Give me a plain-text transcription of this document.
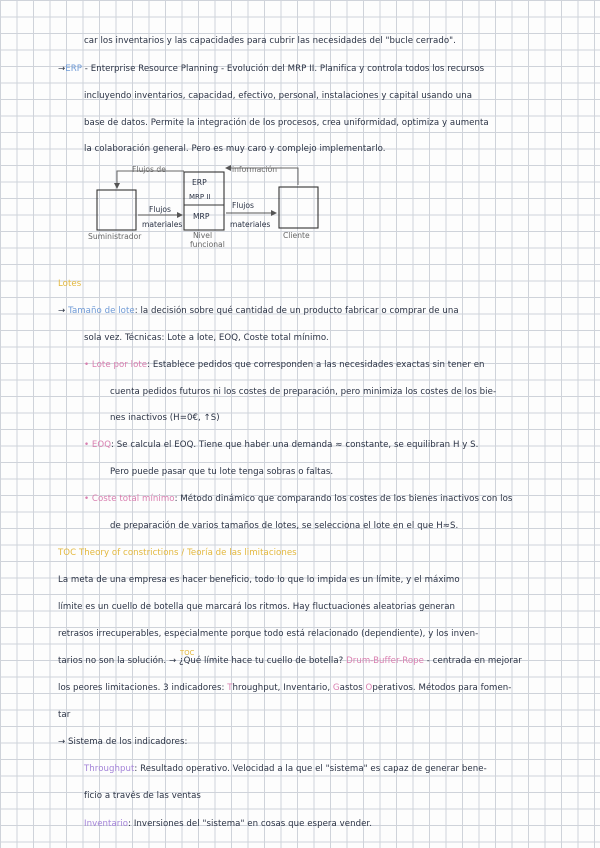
car los inventarios y las capacidades para cubrir las necesidades del "bucle cerrado".
→ERP - Enterprise Resource Planning - Evolución del MRP II. Planifica y controla todos los recursos
incluyendo inventarios, capacidad, efectivo, personal, instalaciones y capital usando una
base de datos. Permite la integración de los procesos, crea uniformidad, optimiza y aumenta
la colaboración general. Pero es muy caro y complejo implementarlo.
Flujos de	información
ERP
MRP II
MRP
Flujos
materiales
Flujos
materiales
Suministrador	Cliente
Nivel
funcional
Lotes
→ Tamaño de lote: la decisión sobre qué cantidad de un producto fabricar o comprar de una
sola vez. Técnicas: Lote a lote, EOQ, Coste total mínimo.
• Lote por lote: Establece pedidos que corresponden a las necesidades exactas sin tener en
cuenta pedidos futuros ni los costes de preparación, pero minimiza los costes de los bie-
nes inactivos (H=0€, ↑S)
• EOQ: Se calcula el EOQ. Tiene que haber una demanda ≈ constante, se equilibran H y S.
Pero puede pasar que tu lote tenga sobras o faltas.
• Coste total mínimo: Método dinámico que comparando los costes de los bienes inactivos con los
de preparación de varios tamaños de lotes, se selecciona el lote en el que H≈S.
TOC Theory of constrictions / Teoría de las limitaciones
La meta de una empresa es hacer beneficio, todo lo que lo impida es un límite, y el máximo
límite es un cuello de botella que marcará los ritmos. Hay fluctuaciones aleatorias generan
retrasos irrecuperables, especialmente porque todo está relacionado (dependiente), y los inven-
TOC
tarios no son la solución. → ¿Qué límite hace tu cuello de botella? Drum-Buffer-Rope - centrada en mejorar
los peores limitaciones. 3 indicadores: Throughput, Inventario, Gastos Operativos. Métodos para fomen-
tar
→ Sistema de los indicadores:
Throughput: Resultado operativo. Velocidad a la que el "sistema" es capaz de generar bene-
ficio a través de las ventas
Inventario: Inversiones del "sistema" en cosas que espera vender.
